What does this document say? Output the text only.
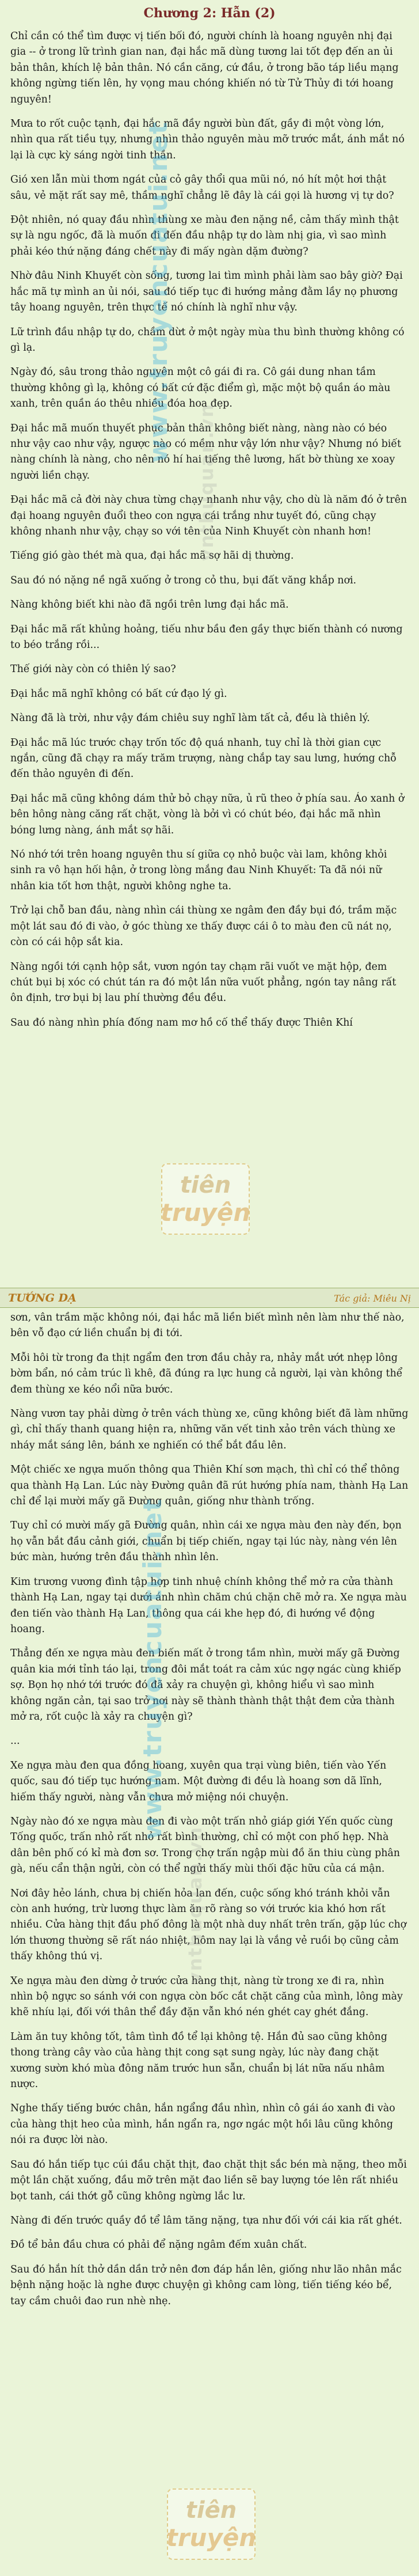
Chương 2: Hẫn (2)

Chỉ cần có thể tìm được vị tiến bối đó, người chính là hoang nguyên nhị đại gia -- ở trong lữ trình gian nan, đại hắc mã dùng tương lai tốt đẹp đến an ủi bản thân, khích lệ bản thân. Nó cần căng, cứ đầu, ở trong bão táp liều mạng không ngừng tiến lên, hy vọng mau chóng khiến nó từ Tử Thủy đi tới hoang nguyên!

Mưa to rốt cuộc tạnh, đại hắc mã đầy người bùn đất, gầy đi một vòng lớn, nhìn qua rất tiều tụy, nhưng nhìn thảo nguyên màu mỡ trước mắt, ánh mắt nó lại là cực kỳ sáng ngời tinh thần.

Gió xen lẫn mùi thơm ngát của cỏ gây thổi qua mũi nó, nó hít một hơi thật sâu, vẻ mặt rất say mê, thầm nghĩ chẳng lẽ đây là cái gọi là hương vị tự do?

Đột nhiên, nó quay đầu nhìn thùng xe màu đen nặng nề, cảm thấy mình thật sự là ngu ngốc, đã là muốn đi đến đầu nhập tự do làm nhị gia, vì sao mình phải kéo thứ nặng đáng chết này đi mấy ngàn dặm đường?

Nhờ đâu Ninh Khuyết còn sống, tương lai tìm mình phải làm sao bây giờ? Đại hắc mã tự mình an ủi nói, sau đó tiếp tục đi hướng mảng đằm lầy nọ phương tây hoang nguyên, trên thực tế nó chính là nghĩ như vậy.

Lữ trình đầu nhập tự do, chầm dừt ở một ngày mùa thu bình thường không có gì lạ.

Ngày đó, sâu trong thảo nguyên một cô gái đi ra. Cô gái dung nhan tầm thường không gì lạ, không có bất cứ đặc điểm gì, mặc một bộ quần áo màu xanh, trên quần áo thêu nhiều đóa hoa đẹp.

Đại hắc mã muốn thuyết phục bản thân không biết nàng, nàng nào có béo như vậy cao như vậy, ngược nào có mềm như vậy lớn như vậy? Nhưng nó biết nàng chính là nàng, cho nên nó hí hai tiếng thê lương, hất bờ thùng xe xoay người liền chạy.

Đại hắc mã cả đời này chưa từng chạy nhanh như vậy, cho dù là năm đó ở trên đại hoang nguyên đuổi theo con ngựa cái trắng như tuyết đó, cũng chạy không nhanh như vậy, chạy so với tên của Ninh Khuyết còn nhanh hơn!

Tiếng gió gào thét mà qua, đại hắc mã sợ hãi dị thường.

Sau đó nó nặng nề ngã xuống ở trong cỏ thu, bụi đất văng khắp nơi.

Nàng không biết khi nào đã ngồi trên lưng đại hắc mã.

Đại hắc mã rất khủng hoảng, tiếu như bầu đen gầy thực biến thành có nương to béo trắng rồi...

Thế giới này còn có thiên lý sao?

Đại hắc mã nghĩ không có bất cứ đạo lý gì.

Nàng đã là trời, như vậy đám chiêu suy nghĩ làm tất cả, đều là thiên lý.

Đại hắc mã lúc trước chạy trốn tốc độ quá nhanh, tuy chỉ là thời gian cực ngắn, cũng đã chạy ra mấy trăm trượng, nàng chắp tay sau lưng, hướng chỗ đến thảo nguyên đi đến.

Đại hắc mã cũng không dám thử bỏ chạy nữa, ủ rũ theo ở phía sau. Áo xanh ở bên hông nàng căng rất chặt, vòng là bởi vì có chút béo, đại hắc mã nhìn bóng lưng nàng, ánh mắt sợ hãi.

Nó nhớ tới trên hoang nguyên thu sí giữa cọ nhỏ buộc vài lam, không khỏi sinh ra vô hạn hối hận, ở trong lòng mắng đau Ninh Khuyết: Ta đã nói nữ nhân kia tốt hơn thật, người không nghe ta.

Trở lại chỗ ban đầu, nàng nhìn cái thùng xe ngâm đen đầy bụi đó, trầm mặc một lát sau đó đi vào, ở góc thùng xe thấy được cái ô to màu đen cũ nát nọ, còn có cái hộp sắt kia.

Nàng ngồi tới cạnh hộp sắt, vươn ngón tay chạm rãi vuốt ve mặt hộp, đem chút bụi bị xóc có chút tán ra đó một lần nữa vuốt phẳng, ngón tay nâng rất ôn định, trơ bụi bị lau phí thường đều đều.

Sau đó nàng nhìn phía đống nam mơ hồ cố thể thấy được Thiên Khí

www.truyencuatui.net
vnthuquan.vn
tiên
truyện
TƯỚNG DẠ	Tác giả: Miêu Nị

sơn, vân trầm mặc không nói, đại hắc mã liền biết mình nên làm như thế nào, bên vỗ đạo cứ liền chuẩn bị đi tới.

Mỗi hôi từ trong đa thịt ngẩm đen trơn đầu chảy ra, nhảy mắt ướt nhẹp lông bờm bẩn, nó cảm trúc lì khê, đã đúng ra lực hung cả người, lại vàn không thể đem thùng xe kéo nổi nữa bước.

Nàng vươn tay phải dừng ở trên vách thùng xe, cũng không biết đã làm những gì, chỉ thấy thanh quang hiện ra, những văn vết tinh xảo trên vách thùng xe nháy mắt sáng lên, bánh xe nghiến có thể bắt đầu lên.

Một chiếc xe ngựa muốn thông qua Thiên Khí sơn mạch, thì chỉ có thể thông qua thành Hạ Lan. Lúc này Đường quân đã rút hướng phía nam, thành Hạ Lan chỉ để lại mười mấy gã Đường quân, giống như thành trống.

Tuy chỉ có mười mấy gã Đường quân, nhìn cái xe ngựa màu đen này đến, bọn họ vẫn bắt đầu cảnh giới, chuẩn bị tiếp chiến, ngay tại lúc này, nàng vén lên bức màn, hướng trên đầu thành nhìn lên.

Kim trương vương đình tập hợp tinh nhuệ chính không thể mở ra cửa thành thành Hạ Lan, ngay tại dưới ánh nhìn chăm chú chặn chẽ mở ra. Xe ngựa màu đen tiến vào thành Hạ Lan, thông qua cái khe hẹp đó, đi hướng về động hoang.

Thẳng đến xe ngựa màu đen biến mất ở trong tầm nhìn, mười mấy gã Đường quân kia mới tỉnh táo lại, trong đôi mắt toát ra cảm xúc ngợ ngác cùng khiếp sợ. Bọn họ nhớ tới trước đó đã xảy ra chuyện gì, không hiểu vì sao mình không ngăn cản, tại sao trở nơi này sẽ thành thành thật thật đem cửa thành mở ra, rốt cuộc là xảy ra chuyện gì?

...

Xe ngựa màu đen qua đồng hoang, xuyên qua trại vùng biên, tiến vào Yến quốc, sau đó tiếp tục hướng nam. Một đường đi đều là hoang sơn dã lĩnh, hiếm thấy người, nàng vẫn chưa mở miệng nói chuyện.

Ngày nào đó xe ngựa màu đen đi vào một trấn nhỏ giáp giới Yến quốc cùng Tống quốc, trấn nhỏ rất nhỏ rất bình thường, chỉ có một con phố hẹp. Nhà dân bên phố có kỉ mà đơn sơ. Trong chợ trấn ngập mùi đồ ăn thiu cùng phân gà, nếu cẩn thận ngửi, còn có thể ngửi thấy mùi thối đặc hữu của cá mận.

Nơi đây hẻo lánh, chưa bị chiến hỏa lan đến, cuộc sống khó tránh khỏi vẫn còn anh hướng, trừ lương thực làm ăn rõ ràng so với trước kia khó hơn rất nhiều. Cửa hàng thịt đầu phố đông là một nhà duy nhất trên trấn, gặp lúc chợ lớn thương thường sẽ rất náo nhiệt, hôm nay lại là vắng vẻ ruồi bọ cũng cảm thấy không thú vị.

Xe ngựa màu đen dừng ở trước cửa hàng thịt, nàng từ trong xe đi ra, nhìn nhìn bộ ngực so sánh với con ngựa còn bốc cắt chặt căng của mình, lông mày khẽ nhíu lại, đối với thân thể đầy đặn vẫn khó nén ghét cay ghét đắng.

Làm ăn tuy không tốt, tâm tình đồ tể lại không tệ. Hắn đủ sao cũng không thong tràng cây vào của hàng thịt cong sạt sung ngày, lúc này đang chặt xương sườn khó mùa đông năm trước hun sẵn, chuẩn bị lát nữa nấu nhâm nược.

Nghe thấy tiếng bước chân, hắn ngẩng đầu nhìn, nhìn cô gái áo xanh đi vào của hàng thịt heo của mình, hắn ngẩn ra, ngơ ngác một hồi lâu cũng không nói ra được lời nào.

Sau đó hắn tiếp tục cúi đầu chặt thịt, đao chặt thịt sắc bén mà nặng, theo mỗi một lần chặt xuống, đầu mỡ trên mặt đao liền sẽ bay lượng tóe lên rất nhiều bọt tanh, cái thớt gỗ cũng không ngừng lắc lư.

Nàng đi đến trước quầy đồ tể lâm tăng nặng, tựa như đối với cái kia rất ghét.

Đồ tể bản đầu chưa có phải để nặng ngâm đếm xuân chất.

Sau đó hắn hít thở dần dần trở nên đơn đáp hắn lên, giống như lão nhân mắc bệnh nặng hoặc là nghe được chuyện gì không cam lòng, tiến tiếng kéo bể, tay cầm chuôi đao run nhè nhẹ.

www.truyencuatui.net
vnthuquan.vn
tiên
truyện
